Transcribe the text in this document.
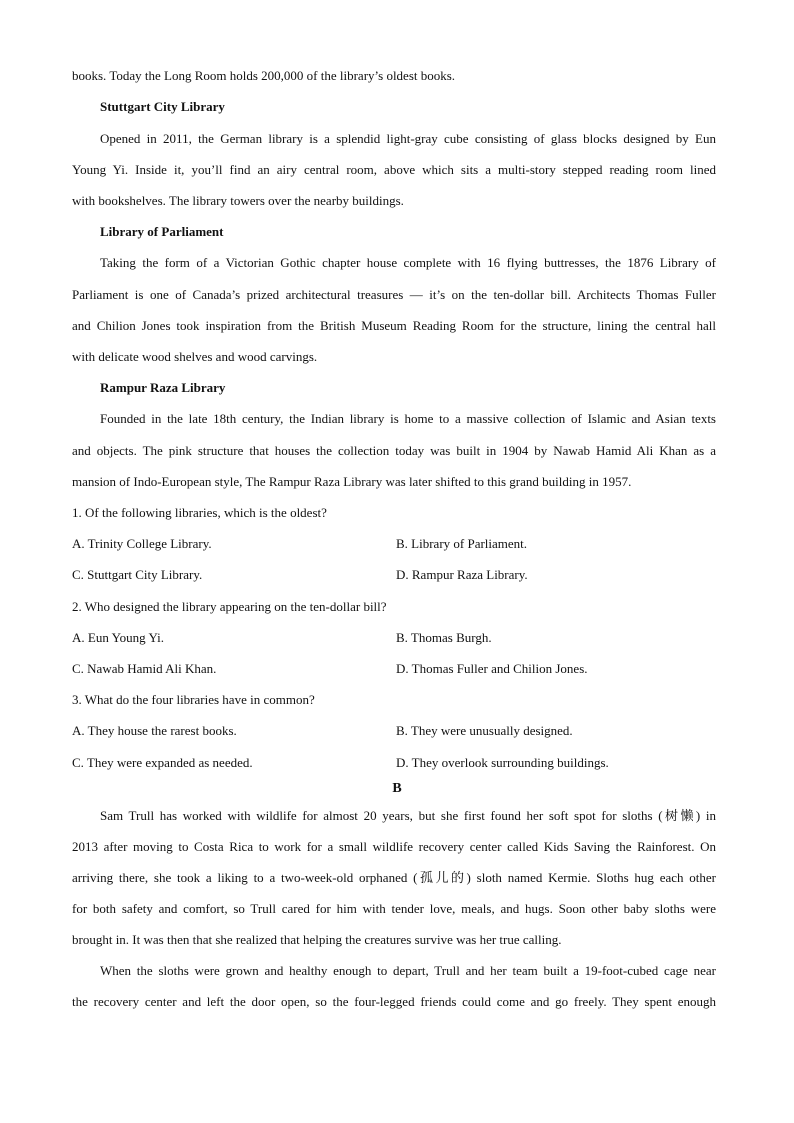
books. Today the Long Room holds 200,000 of the library’s oldest books.
Stuttgart City Library
Opened in 2011, the German library is a splendid light-gray cube consisting of glass blocks designed by Eun
Young Yi. Inside it, you’ll find an airy central room, above which sits a multi-story stepped reading room lined
with bookshelves. The library towers over the nearby buildings.
Library of Parliament
Taking the form of a Victorian Gothic chapter house complete with 16 flying buttresses, the 1876 Library of
Parliament is one of Canada’s prized architectural treasures — it’s on the ten-dollar bill. Architects Thomas Fuller
and Chilion Jones took inspiration from the British Museum Reading Room for the structure, lining the central hall
with delicate wood shelves and wood carvings.
Rampur Raza Library
Founded in the late 18th century, the Indian library is home to a massive collection of Islamic and Asian texts
and objects. The pink structure that houses the collection today was built in 1904 by Nawab Hamid Ali Khan as a
mansion of Indo-European style, The Rampur Raza Library was later shifted to this grand building in 1957.
1. Of the following libraries, which is the oldest?
A. Trinity College Library.	B. Library of Parliament.
C. Stuttgart City Library.	D. Rampur Raza Library.
2. Who designed the library appearing on the ten-dollar bill?
A. Eun Young Yi.	B. Thomas Burgh.
C. Nawab Hamid Ali Khan.	D. Thomas Fuller and Chilion Jones.
3. What do the four libraries have in common?
A. They house the rarest books.	B. They were unusually designed.
C. They were expanded as needed.	D. They overlook surrounding buildings.
B
Sam Trull has worked with wildlife for almost 20 years, but she first found her soft spot for sloths (树懒) in
2013 after moving to Costa Rica to work for a small wildlife recovery center called Kids Saving the Rainforest. On
arriving there, she took a liking to a two-week-old orphaned (孤儿的) sloth named Kermie. Sloths hug each other
for both safety and comfort, so Trull cared for him with tender love, meals, and hugs. Soon other baby sloths were
brought in. It was then that she realized that helping the creatures survive was her true calling.
When the sloths were grown and healthy enough to depart, Trull and her team built a 19-foot-cubed cage near
the recovery center and left the door open, so the four-legged friends could come and go freely. They spent enough
